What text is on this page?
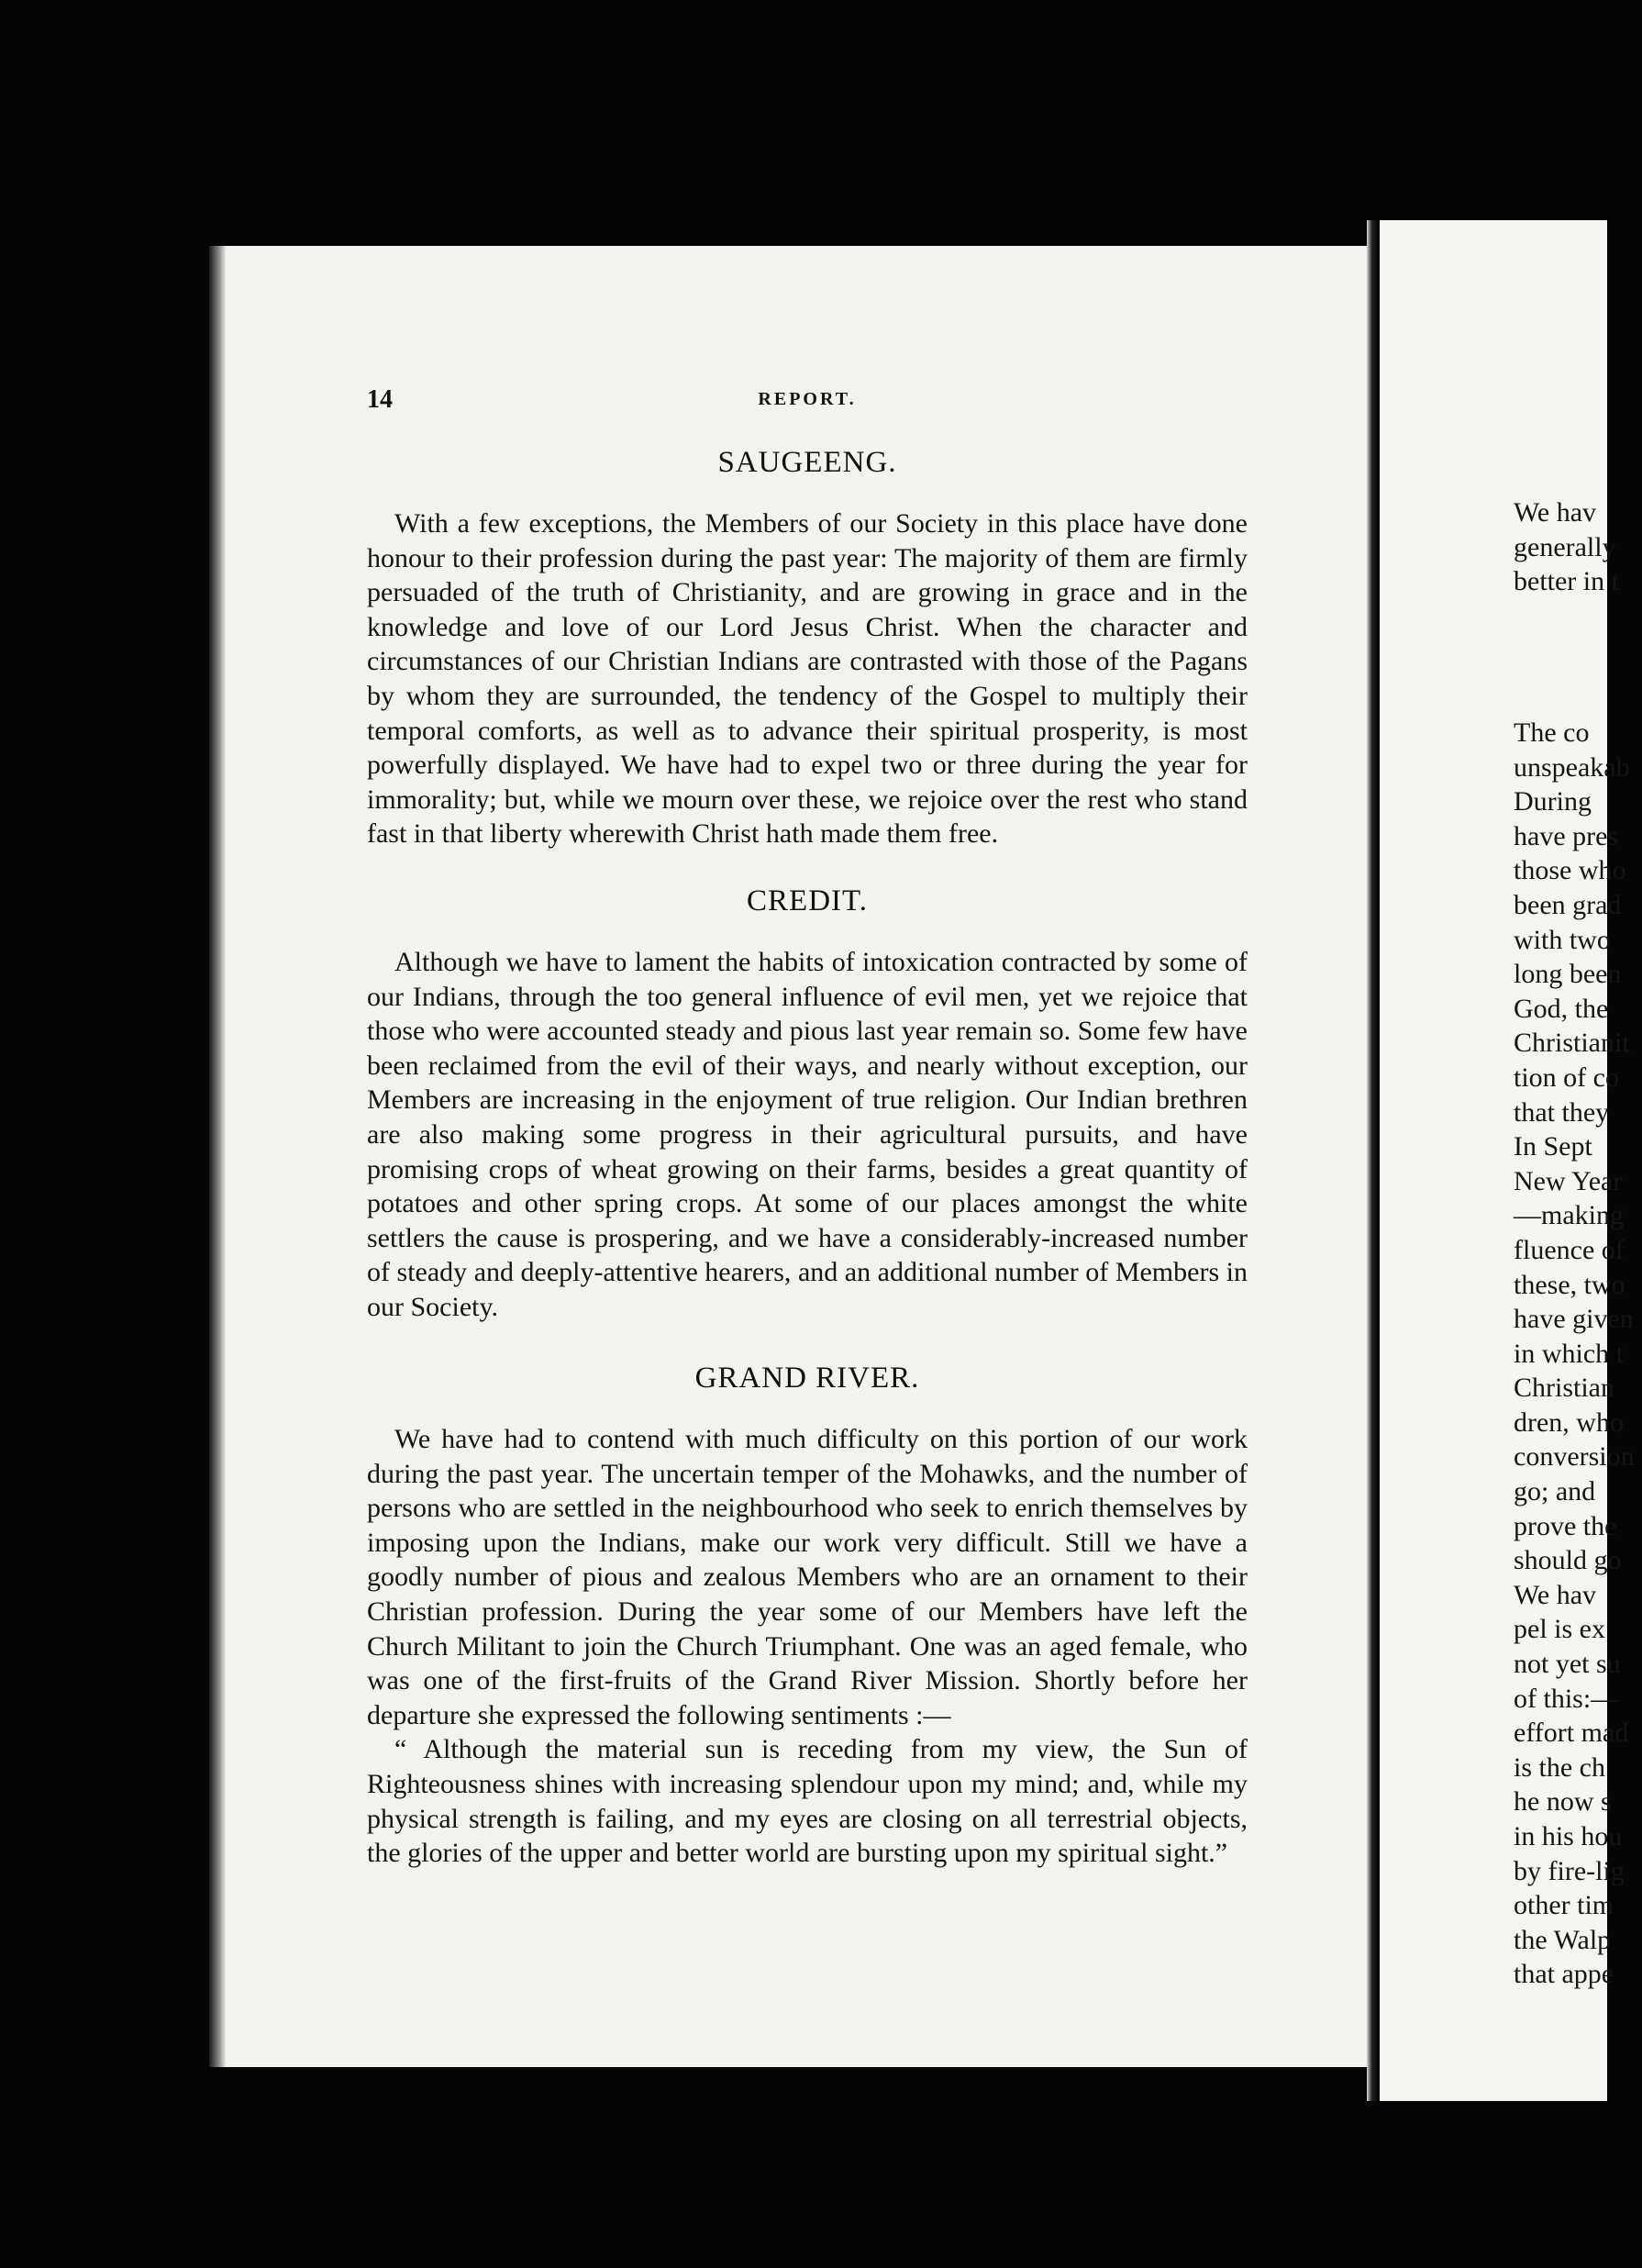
14	REPORT.
SAUGEENG.

With a few exceptions, the Members of our Society in this place have done honour to their profession during the past year: The majority of them are firmly persuaded of the truth of Christianity, and are growing in grace and in the knowledge and love of our Lord Jesus Christ. When the character and circumstances of our Christian Indians are contrasted with those of the Pagans by whom they are surrounded, the tendency of the Gospel to multiply their temporal comforts, as well as to advance their spiritual prosperity, is most powerfully displayed. We have had to expel two or three during the year for immorality; but, while we mourn over these, we rejoice over the rest who stand fast in that liberty wherewith Christ hath made them free.

CREDIT.

Although we have to lament the habits of intoxication contracted by some of our Indians, through the too general influence of evil men, yet we rejoice that those who were accounted steady and pious last year remain so. Some few have been reclaimed from the evil of their ways, and nearly without exception, our Members are increasing in the enjoyment of true religion. Our Indian brethren are also making some progress in their agricultural pursuits, and have promising crops of wheat growing on their farms, besides a great quantity of potatoes and other spring crops. At some of our places amongst the white settlers the cause is prospering, and we have a considerably-increased number of steady and deeply-attentive hearers, and an additional number of Members in our Society.

GRAND RIVER.

We have had to contend with much difficulty on this portion of our work during the past year. The uncertain temper of the Mohawks, and the number of persons who are settled in the neighbourhood who seek to enrich themselves by imposing upon the Indians, make our work very difficult. Still we have a goodly number of pious and zealous Members who are an ornament to their Christian profession. During the year some of our Members have left the Church Militant to join the Church Triumphant. One was an aged female, who was one of the first-fruits of the Grand River Mission. Shortly before her departure she expressed the following sentiments :—

“ Although the material sun is receding from my view, the Sun of Righteousness shines with increasing splendour upon my mind; and, while my physical strength is failing, and my eyes are closing on all terrestrial objects, the glories of the upper and better world are bursting upon my spiritual sight.”

We hav
generally
better in t
The co
unspeakab
During
have pres
those who
been grad
with two
long been
God, the
Christianit
tion of co
that they
In Sept
New Year
—making
fluence of
these, two
have given
in which t
Christian
dren, who
conversion
go; and
prove the
should go
We hav
pel is ex
not yet su
of this:—
effort mad
is the ch
he now s
in his hou
by fire-lig
other tim
the Walp
that appe
